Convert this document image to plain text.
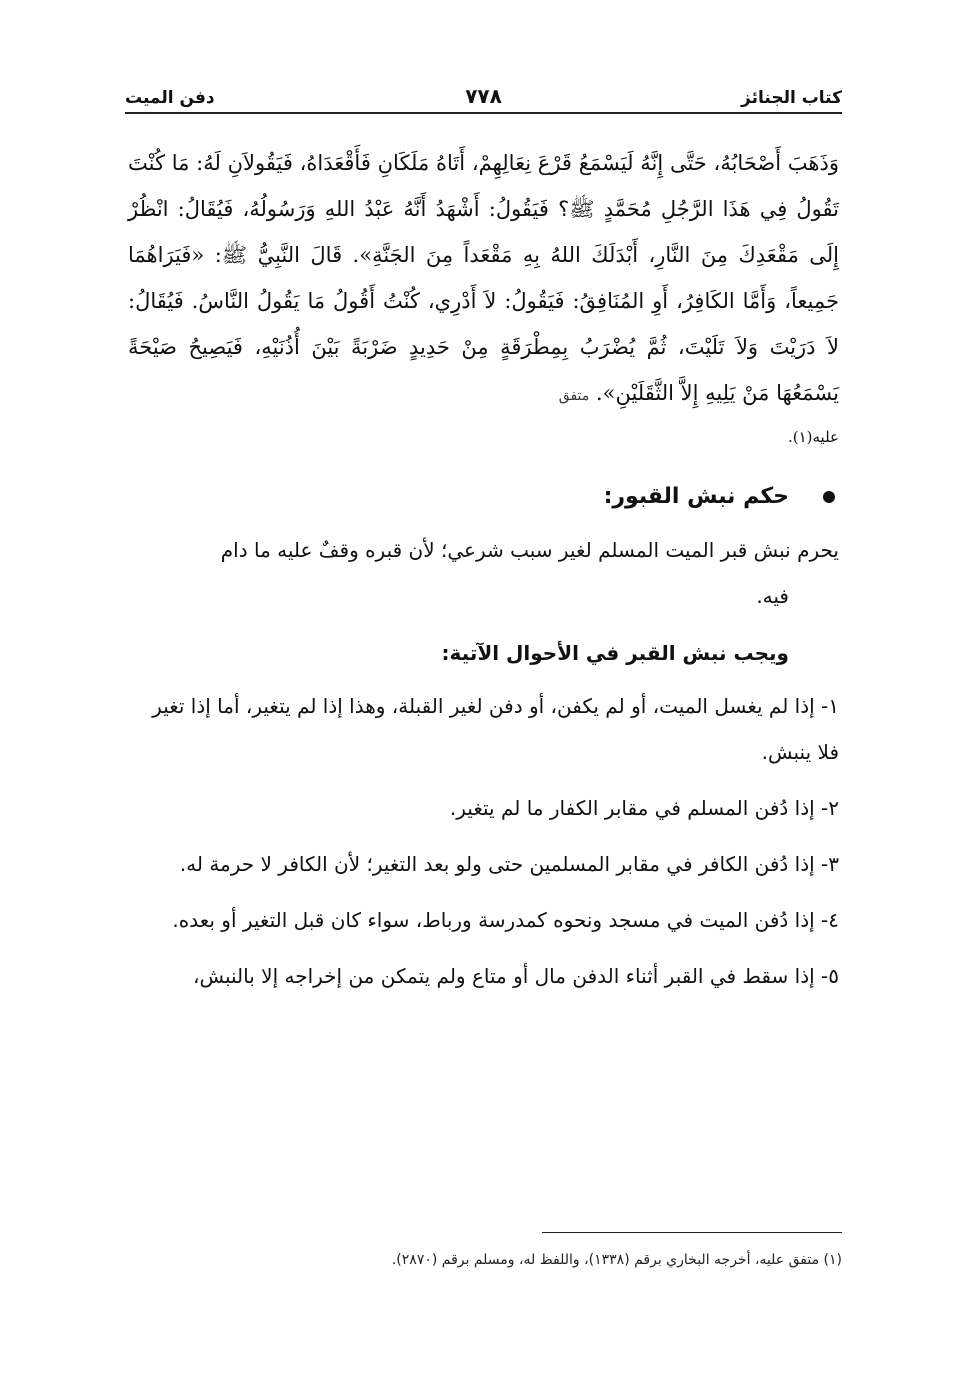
كتاب الجنائز
٧٧٨
دفن الميت
وَذَهَبَ أَصْحَابُهُ، حَتَّى إِنَّهُ لَيَسْمَعُ قَرْعَ نِعَالِهِمْ، أَتَاهُ مَلَكَانِ فَأَقْعَدَاهُ، فَيَقُولاَنِ لَهُ: مَا كُنْتَ تَقُولُ فِي هَذَا الرَّجُلِ مُحَمَّدٍ ﷺ؟ فَيَقُولُ: أَشْهَدُ أَنَّهُ عَبْدُ اللهِ وَرَسُولُهُ، فَيُقَالُ: انْظُرْ إِلَى مَقْعَدِكَ مِنَ النَّارِ، أَبْدَلَكَ اللهُ بِهِ مَقْعَداً مِنَ الجَنَّةِ». قَالَ النَّبِيُّ ﷺ: «فَيَرَاهُمَا جَمِيعاً، وَأَمَّا الكَافِرُ، أَوِ المُنَافِقُ: فَيَقُولُ: لاَ أَدْرِي، كُنْتُ أَقُولُ مَا يَقُولُ النَّاسُ. فَيُقَالُ: لاَ دَرَيْتَ وَلاَ تَلَيْتَ، ثُمَّ يُضْرَبُ بِمِطْرَقَةٍ مِنْ حَدِيدٍ ضَرْبَةً بَيْنَ أُذُنَيْهِ، فَيَصِيحُ صَيْحَةً يَسْمَعُهَا مَنْ يَلِيهِ إِلاَّ الثَّقَلَيْنِ». متفق
عليه(١).
حكم نبش القبور:
يحرم نبش قبر الميت المسلم لغير سبب شرعي؛ لأن قبره وقفٌ عليه ما دام
فيه.
ويجب نبش القبر في الأحوال الآتية:
١- إذا لم يغسل الميت، أو لم يكفن، أو دفن لغير القبلة، وهذا إذا لم يتغير، أما إذا تغير فلا ينبش.
٢- إذا دُفن المسلم في مقابر الكفار ما لم يتغير.
٣- إذا دُفن الكافر في مقابر المسلمين حتى ولو بعد التغير؛ لأن الكافر لا حرمة له.
٤- إذا دُفن الميت في مسجد ونحوه كمدرسة ورباط، سواء كان قبل التغير أو بعده.
٥- إذا سقط في القبر أثناء الدفن مال أو متاع ولم يتمكن من إخراجه إلا بالنبش،
(١) متفق عليه، أخرجه البخاري برقم (١٣٣٨)، واللفظ له، ومسلم برقم (٢٨٧٠).
